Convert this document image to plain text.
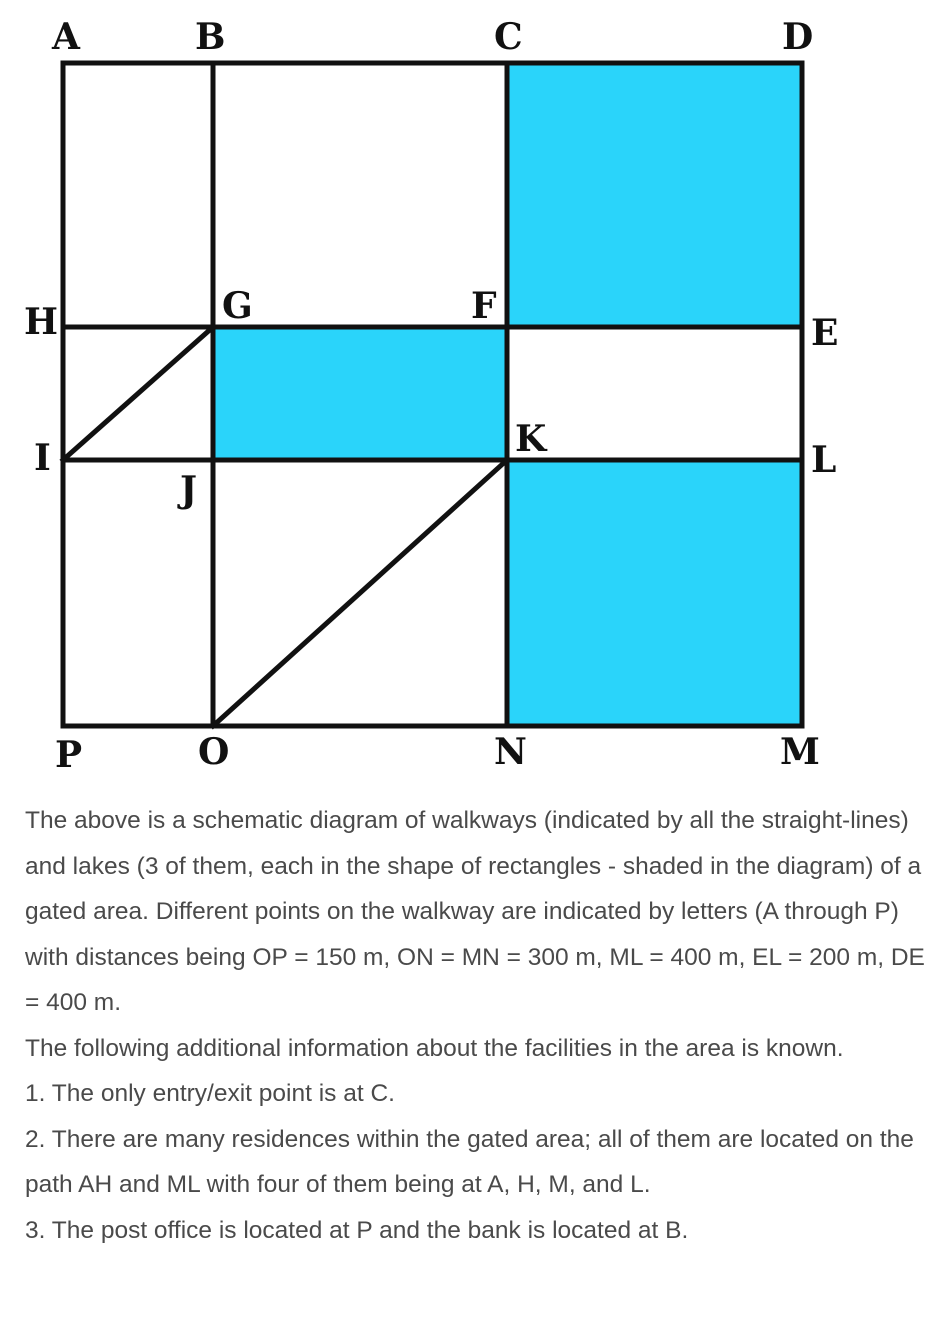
A	B	C	D
E
F
G
H
I
J
K	L
M
N
O
P

The above is a schematic diagram of walkways (indicated by all the straight-lines) and lakes (3 of them, each in the shape of rectangles - shaded in the diagram) of a gated area. Different points on the walkway are indicated by letters (A through P) with distances being OP = 150 m, ON = MN = 300 m, ML = 400 m, EL = 200 m, DE = 400 m.

The following additional information about the facilities in the area is known.

1. The only entry/exit point is at C.

2. There are many residences within the gated area; all of them are located on the path AH and ML with four of them being at A, H, M, and L.

3. The post office is located at P and the bank is located at B.
